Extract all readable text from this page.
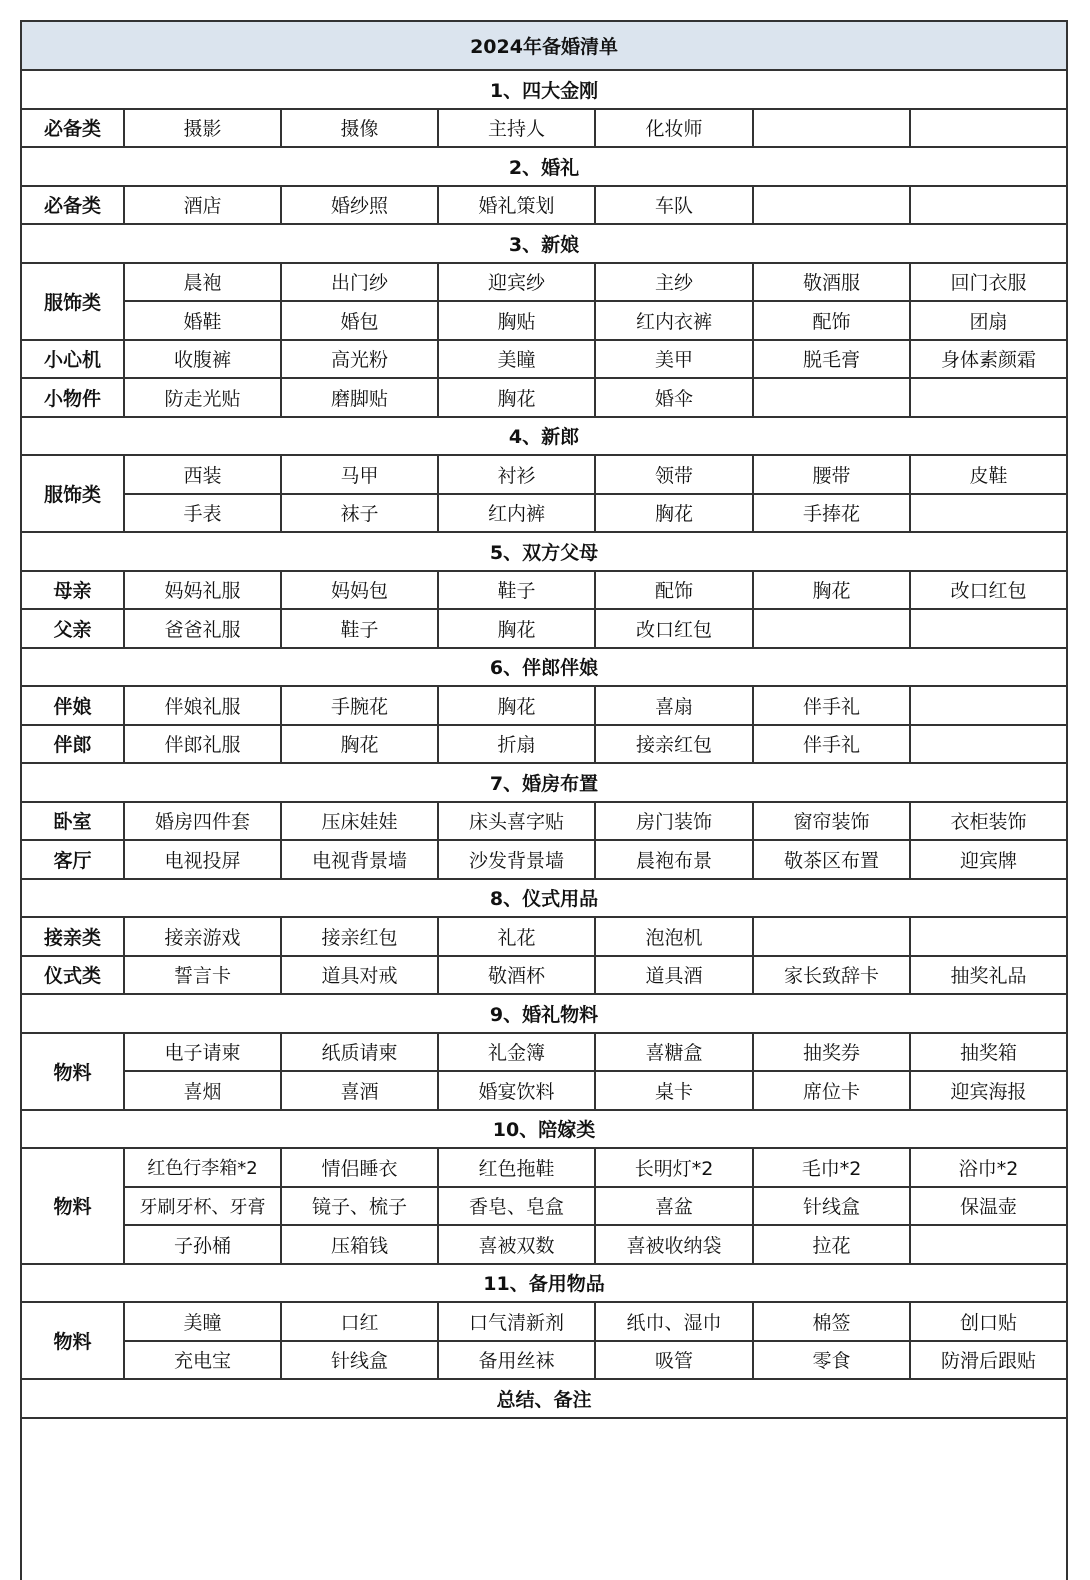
2024年备婚清单						
1、四大金刚						
必备类	摄影	摄像	主持人	化妆师		
2、婚礼						
必备类	酒店	婚纱照	婚礼策划	车队		
3、新娘						
服饰类	晨袍	出门纱	迎宾纱	主纱	敬酒服	回门衣服
	婚鞋	婚包	胸贴	红内衣裤	配饰	团扇
小心机	收腹裤	高光粉	美瞳	美甲	脱毛膏	身体素颜霜
小物件	防走光贴	磨脚贴	胸花	婚伞		
4、新郎						
服饰类	西装	马甲	衬衫	领带	腰带	皮鞋
	手表	袜子	红内裤	胸花	手捧花	
5、双方父母						
母亲	妈妈礼服	妈妈包	鞋子	配饰	胸花	改口红包
父亲	爸爸礼服	鞋子	胸花	改口红包		
6、伴郎伴娘						
伴娘	伴娘礼服	手腕花	胸花	喜扇	伴手礼	
伴郎	伴郎礼服	胸花	折扇	接亲红包	伴手礼	
7、婚房布置						
卧室	婚房四件套	压床娃娃	床头喜字贴	房门装饰	窗帘装饰	衣柜装饰
客厅	电视投屏	电视背景墙	沙发背景墙	晨袍布景	敬茶区布置	迎宾牌
8、仪式用品						
接亲类	接亲游戏	接亲红包	礼花	泡泡机		
仪式类	誓言卡	道具对戒	敬酒杯	道具酒	家长致辞卡	抽奖礼品
9、婚礼物料						
物料	电子请柬	纸质请柬	礼金簿	喜糖盒	抽奖券	抽奖箱
	喜烟	喜酒	婚宴饮料	桌卡	席位卡	迎宾海报
10、陪嫁类						
物料	红色行李箱*2	情侣睡衣	红色拖鞋	长明灯*2	毛巾*2	浴巾*2
	牙刷牙杯、牙膏	镜子、梳子	香皂、皂盒	喜盆	针线盒	保温壶
	子孙桶	压箱钱	喜被双数	喜被收纳袋	拉花	
11、备用物品						
物料	美瞳	口红	口气清新剂	纸巾、湿巾	棉签	创口贴
	充电宝	针线盒	备用丝袜	吸管	零食	防滑后跟贴
总结、备注						
